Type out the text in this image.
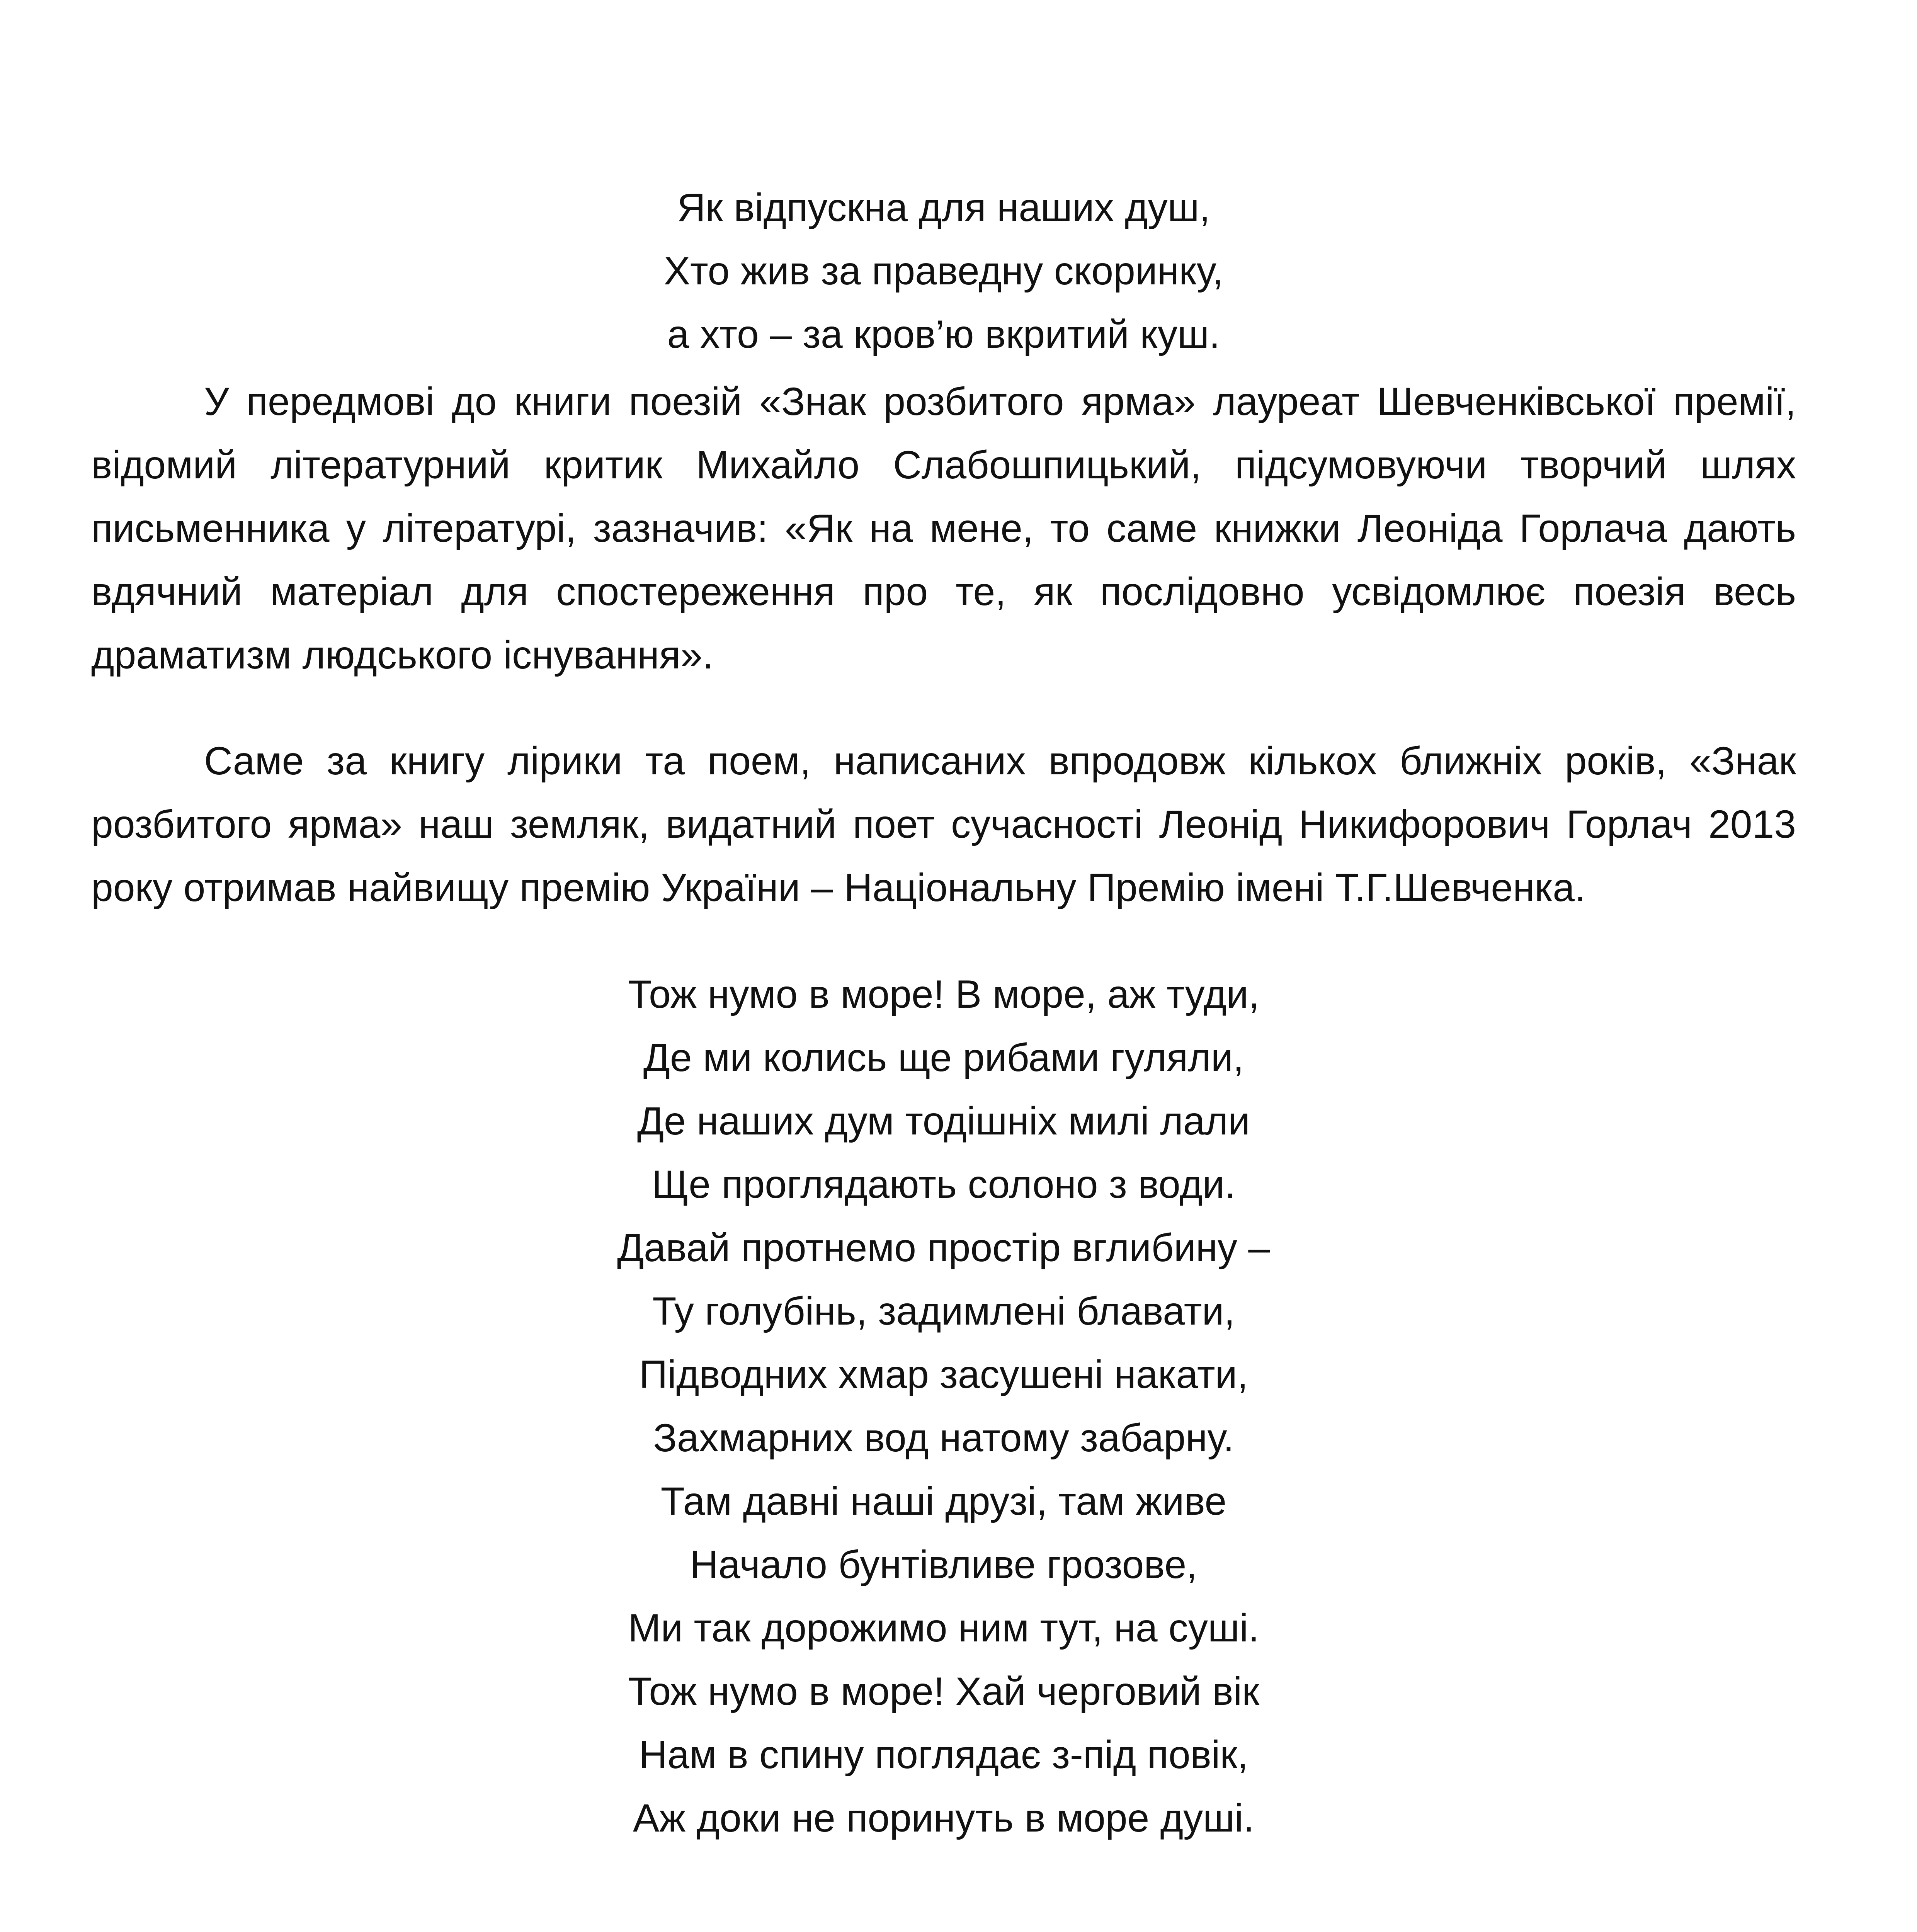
Як відпускна для наших душ,

Хто жив за праведну скоринку,

а хто – за кров’ю вкритий куш.

У передмові до книги поезій «Знак розбитого ярма» лауреат Шевченківської премії, відомий літературний критик Михайло Слабошпицький, підсумовуючи творчий шлях письменника у літературі, зазначив: «Як на мене, то саме книжки Леоніда Горлача дають вдячний матеріал для спостереження про те, як послідовно усвідомлює поезія весь драматизм людського існування».

Саме за книгу лірики та поем, написаних впродовж кількох ближніх років, «Знак розбитого ярма» наш земляк, видатний поет сучасності Леонід Никифорович Горлач 2013 року отримав найвищу премію України – Національну Премію імені Т.Г.Шевченка.

Тож нумо в море! В море, аж туди,

Де ми колись ще рибами гуляли,

Де наших дум тодішніх милі лали

Ще проглядають солоно з води.

Давай протнемо простір вглибину –

Ту голубінь, задимлені блавати,

Підводних хмар засушені накати,

Захмарних вод натому забарну.

Там давні наші друзі, там живе

Начало бунтівливе грозове,

Ми так дорожимо ним тут, на суші.

Тож нумо в море! Хай черговий вік

Нам в спину поглядає з-під повік,

Аж доки не поринуть в море душі.
